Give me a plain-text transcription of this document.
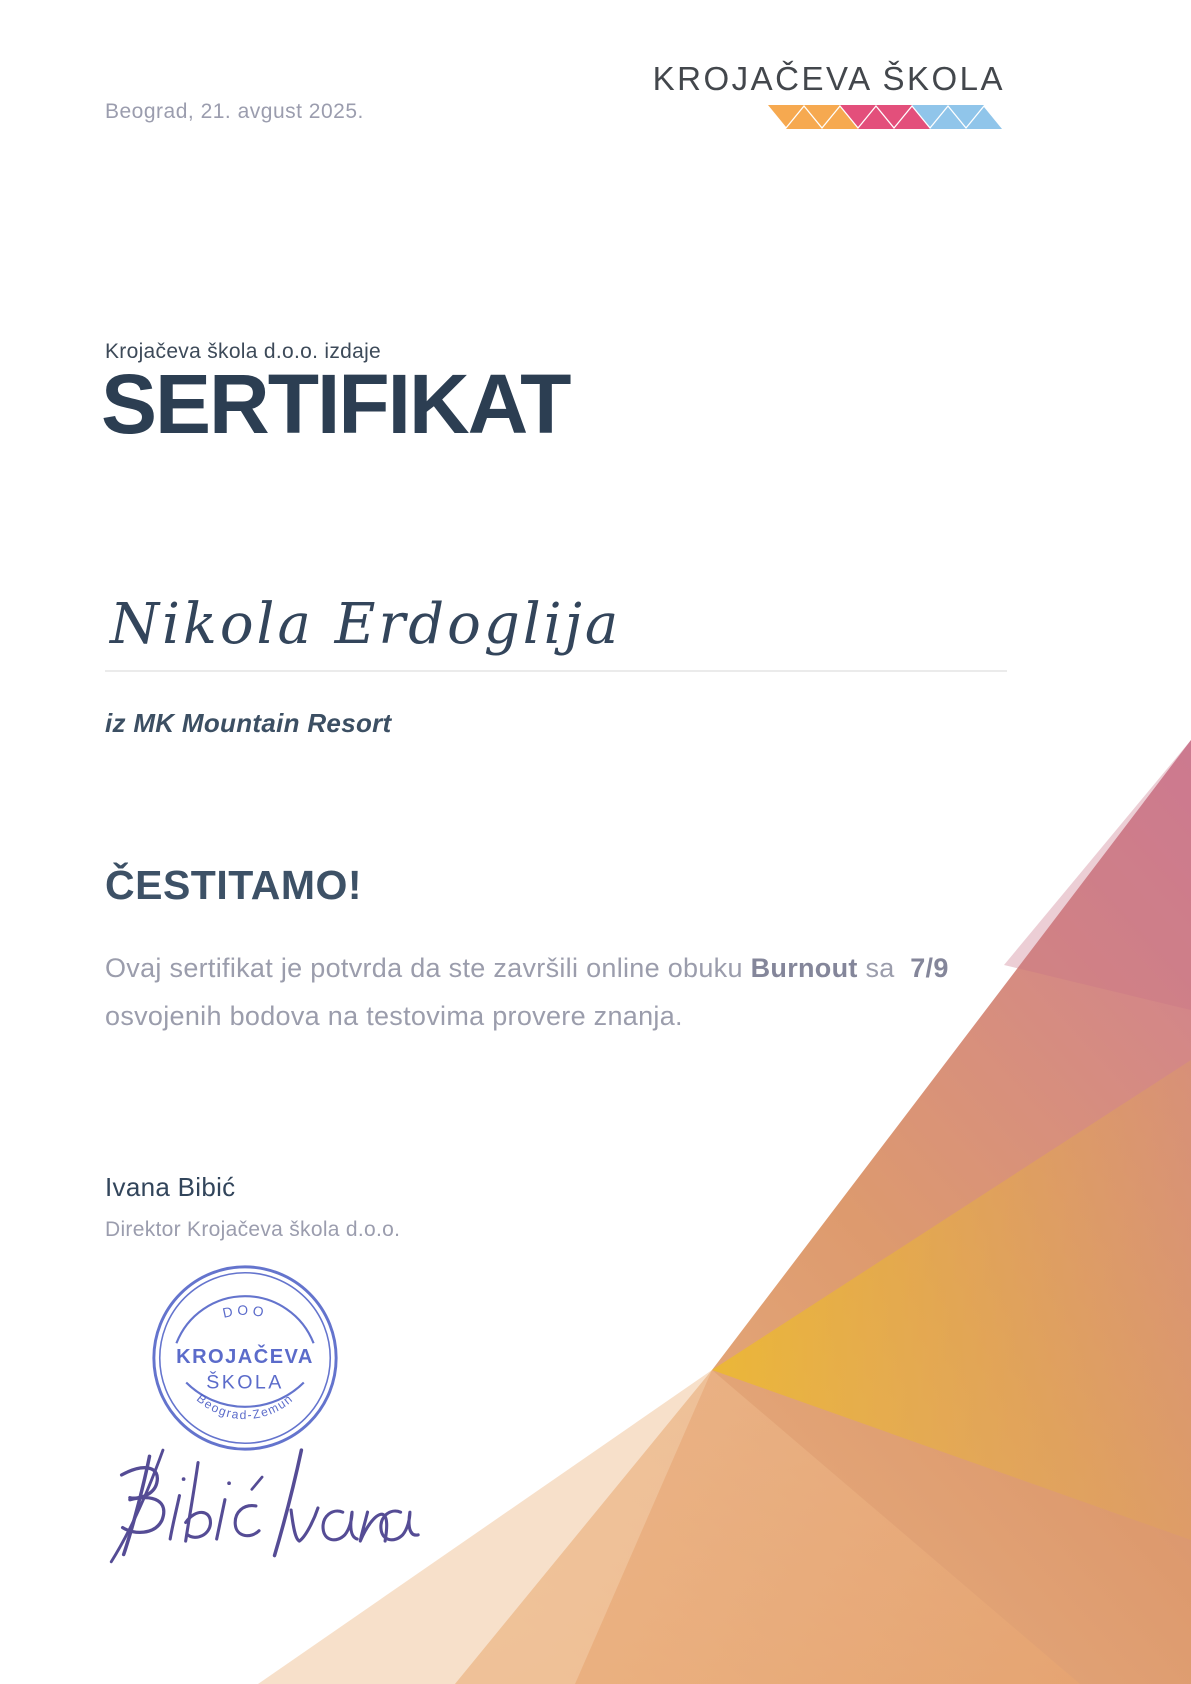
Beograd, 21. avgust 2025.
KROJAČEVA ŠKOLA
Krojačeva škola d.o.o. izdaje
SERTIFIKAT
Nikola Erdoglija
iz MK Mountain Resort
ČESTITAMO!

Ovaj sertifikat je potvrda da ste završili online obuku Burnout sa  7/9 osvojenih bodova na testovima provere znanja.

Ivana Bibić
Direktor Krojačeva škola d.o.o.
DOO
KROJAČEVA
ŠKOLA
Beograd-Zemun
